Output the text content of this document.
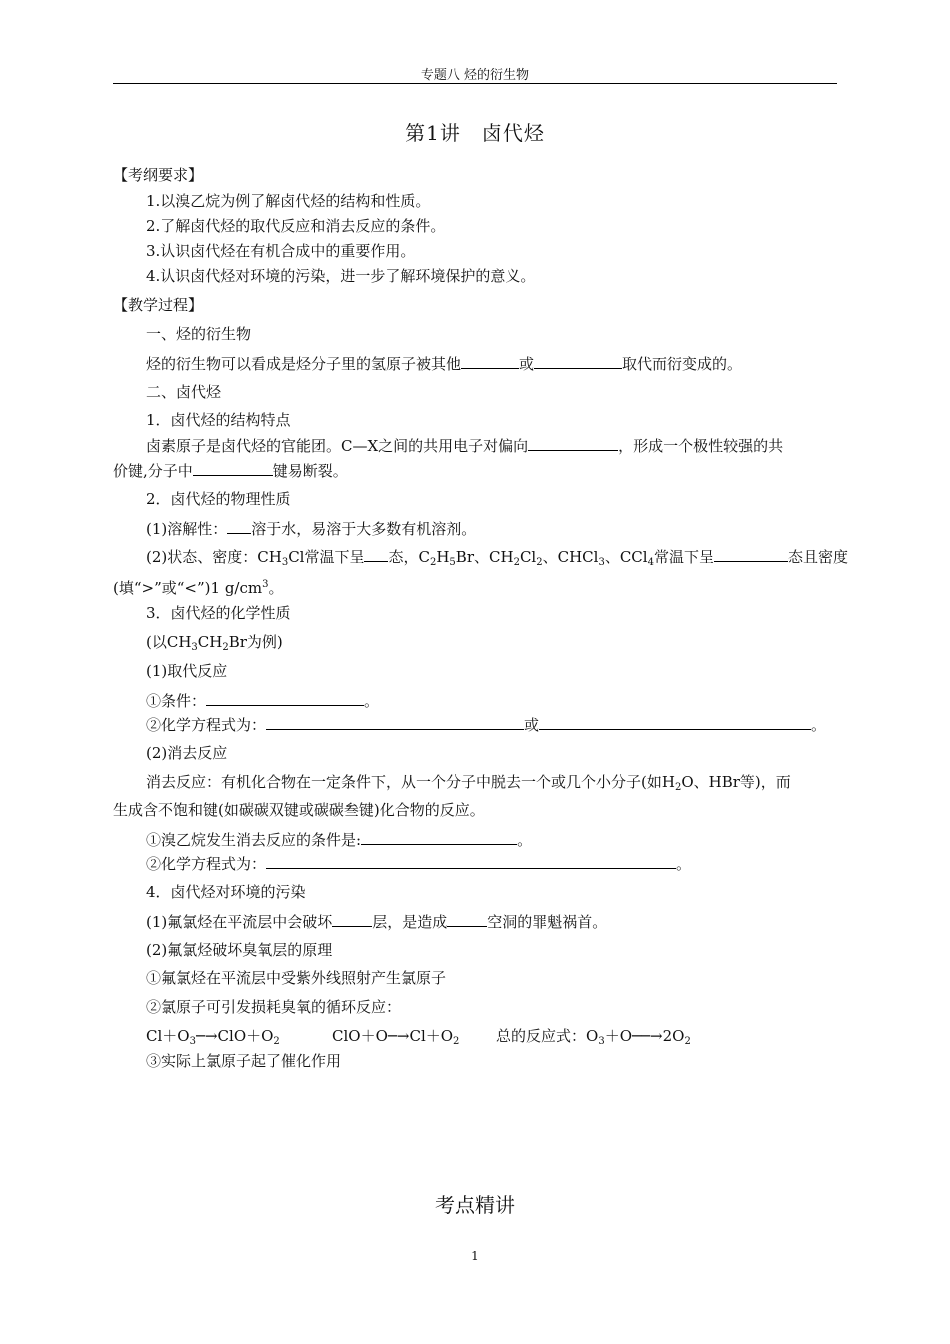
专题八 烃的衍生物
第1讲　卤代烃
【考纲要求】
1.以溴乙烷为例了解卤代烃的结构和性质。
2.了解卤代烃的取代反应和消去反应的条件。
3.认识卤代烃在有机合成中的重要作用。
4.认识卤代烃对环境的污染，进一步了解环境保护的意义。
【教学过程】
一、烃的衍生物
烃的衍生物可以看成是烃分子里的氢原子被其他	或	取代而衍变成的。
二、卤代烃
1．卤代烃的结构特点
卤素原子是卤代烃的官能团。C—X之间的共用电子对偏向	，形成一个极性较强的共
价键,分子中	键易断裂。
2．卤代烃的物理性质
(1)溶解性： 溶于水，易溶于大多数有机溶剂。
(2)状态、密度：$CH_3Cl$常温下呈 态，$C_2H_5Br$、$CH_2Cl_2$、CHCl$_3$、CCl$_4$常温下呈	态且密度
(填“>”或“<”)1 $g/cm^3$。
3．卤代烃的化学性质
(以$CH_3CH_2Br$为例)
(1)取代反应
①条件：	。
②化学方程式为：	或	。
(2)消去反应
消去反应：有机化合物在一定条件下，从一个分子中脱去一个或几个小分子(如$H_2O$、HBr等)，而
生成含不饱和键(如碳碳双键或碳碳叁键)化合物的反应。
①溴乙烷发生消去反应的条件是:	。
②化学方程式为：	。
4．卤代烃对环境的污染
(1)氟氯烃在平流层中会破坏	层，是造成	空洞的罪魁祸首。
(2)氟氯烃破坏臭氧层的原理
①氟氯烃在平流层中受紫外线照射产生氯原子
②氯原子可引发损耗臭氧的循环反应：
$Cl+O_3─\to ClO+O_2$	$ClO+O─\to Cl+O_2$ 总的反应式：$O_3+O──\to 2O_2$
③实际上氯原子起了催化作用
考点精讲
1
